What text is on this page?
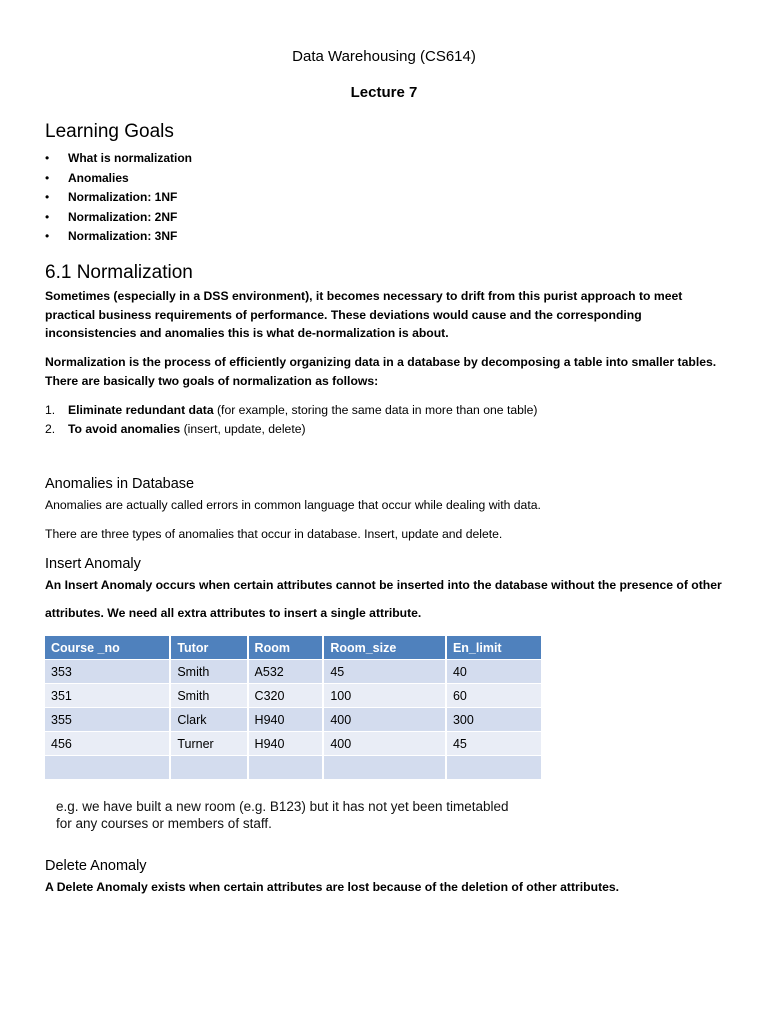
Data Warehousing (CS614)
Lecture 7
Learning Goals
•	What is normalization
•	Anomalies
•	Normalization: 1NF
•	Normalization: 2NF
•	Normalization: 3NF
6.1 Normalization

Sometimes (especially in a DSS environment), it becomes necessary to drift from this purist approach to meet practical business requirements of performance. These deviations would cause and the corresponding inconsistencies and anomalies this is what de-normalization is about.

Normalization is the process of efficiently organizing data in a database by decomposing a table into smaller tables. There are basically two goals of normalization as follows:

1.	Eliminate redundant data (for example, storing the same data in more than one table)
2.	To avoid anomalies (insert, update, delete)
Anomalies in Database

Anomalies are actually called errors in common language that occur while dealing with data.

There are three types of anomalies that occur in database. Insert, update and delete.

Insert Anomaly

An Insert Anomaly occurs when certain attributes cannot be inserted into the database without the presence of other

attributes. We need all extra attributes to insert a single attribute.

Course _no	Tutor	Room	Room_size	En_limit
353	Smith	A532	45	40
351	Smith	C320	100	60
355	Clark	H940	400	300
456	Turner	H940	400	45

e.g. we have built a new room (e.g. B123) but it has not yet been timetabled
for any courses or members of staff.
Delete Anomaly

A Delete Anomaly exists when certain attributes are lost because of the deletion of other attributes.
